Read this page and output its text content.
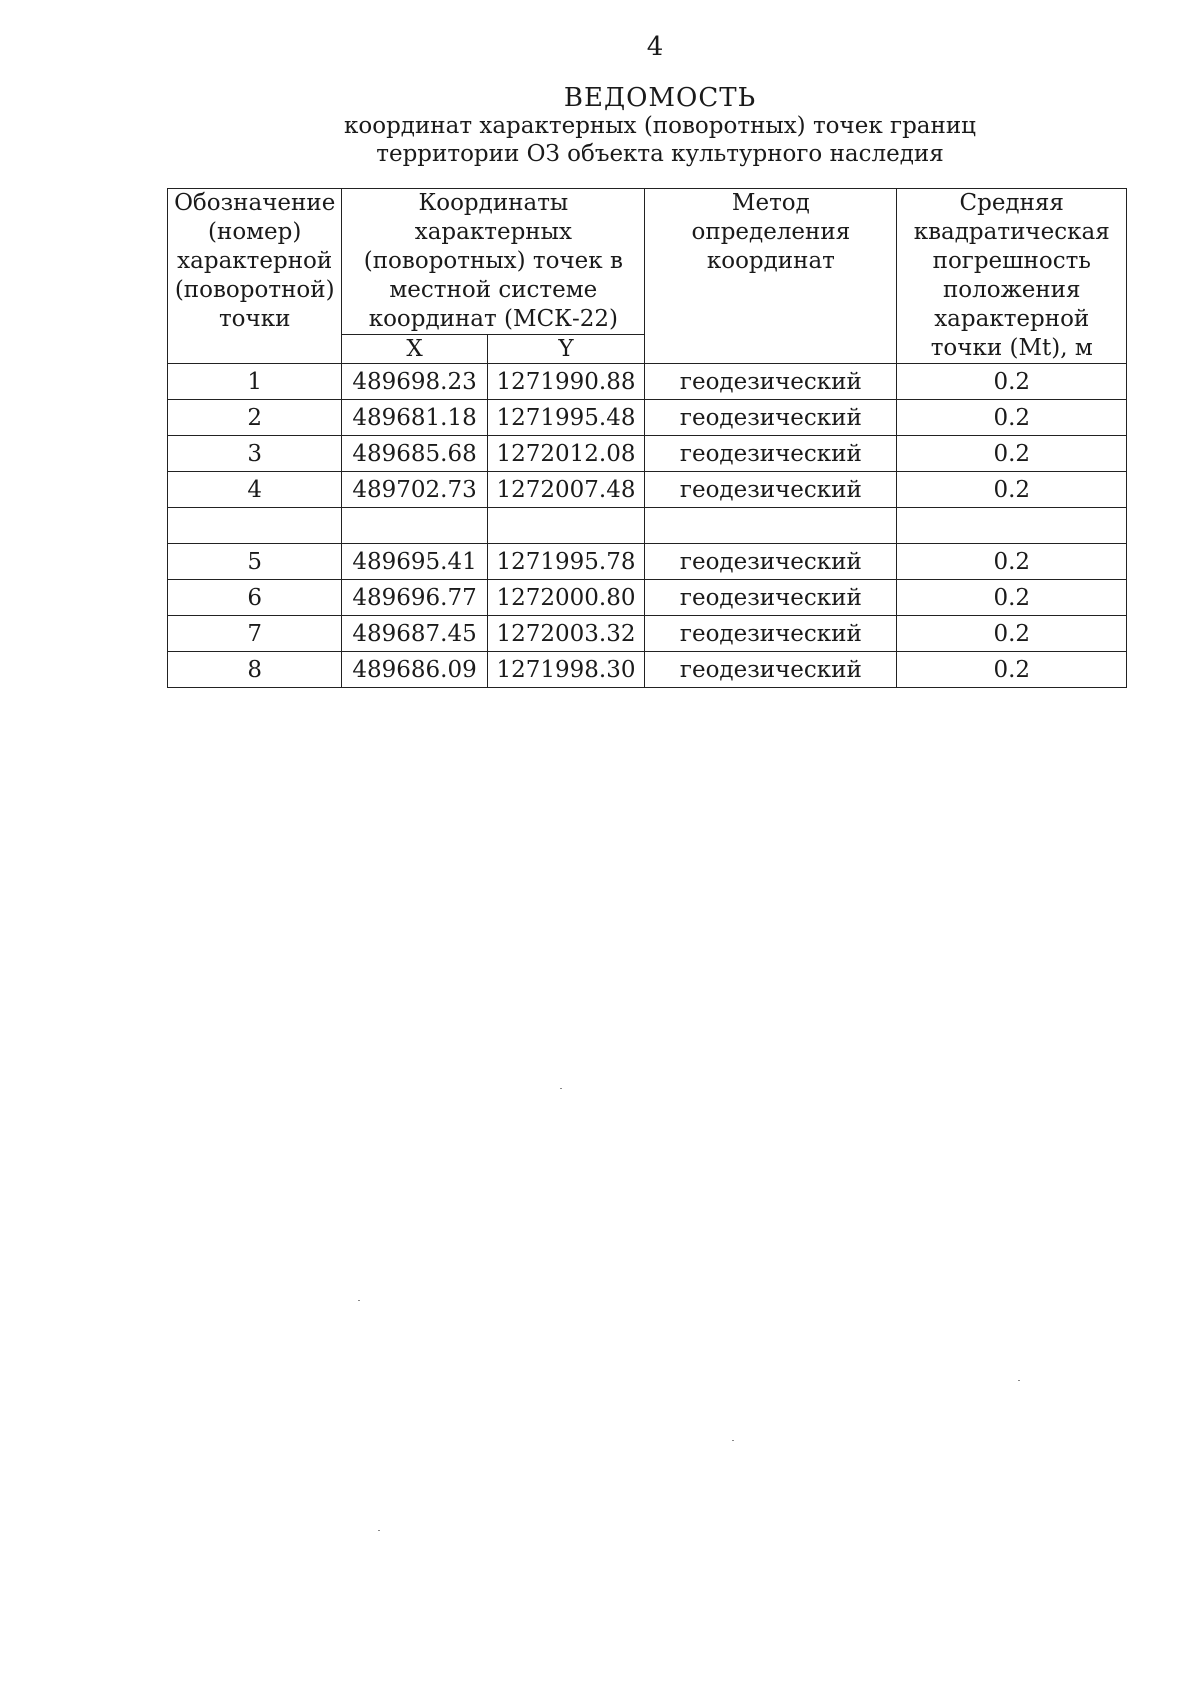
4
ВЕДОМОСТЬ
координат характерных (поворотных) точек границ
территории ОЗ объекта культурного наследия
Обозначение (номер) характерной (поворотной) точки	Координаты характерных (поворотных) точек в местной системе координат (МСК-22)		Метод определения координат	Средняя квадратическая погрешность положения характерной точки (Mt), м
	X	Y		
1	489698.23	1271990.88	геодезический	0.2
2	489681.18	1271995.48	геодезический	0.2
3	489685.68	1272012.08	геодезический	0.2
4	489702.73	1272007.48	геодезический	0.2

5	489695.41	1271995.78	геодезический	0.2
6	489696.77	1272000.80	геодезический	0.2
7	489687.45	1272003.32	геодезический	0.2
8	489686.09	1271998.30	геодезический	0.2
